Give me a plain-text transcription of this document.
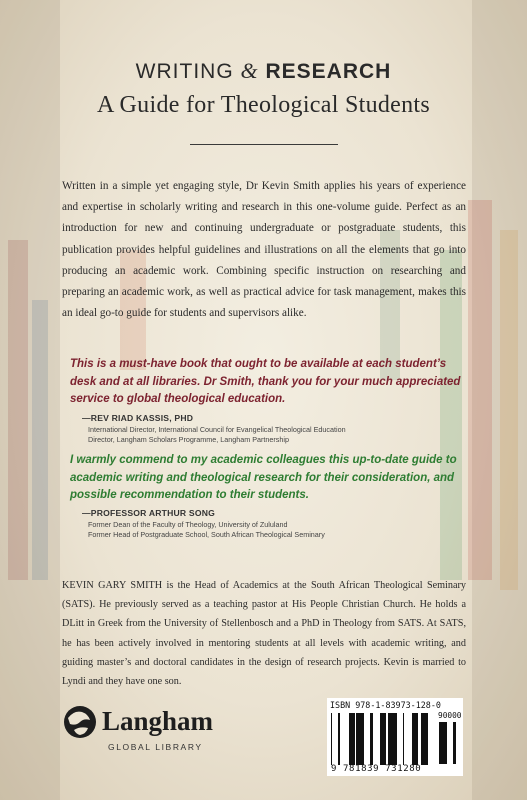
WRITING & RESEARCH
A Guide for Theological Students
Written in a simple yet engaging style, Dr Kevin Smith applies his years of experience and expertise in scholarly writing and research in this one-volume guide. Perfect as an introduction for new and continuing undergraduate or postgraduate students, this publication provides helpful guidelines and illustrations on all the elements that go into producing an academic work. Combining specific instruction on researching and preparing an academic work, as well as practical advice for task management, makes this an ideal go-to guide for students and supervisors alike.
This is a must-have book that ought to be available at each student’s desk and at all libraries. Dr Smith, thank you for your much appreciated service to global theological education.
—REV RIAD KASSIS, PHD
International Director, International Council for Evangelical Theological Education
Director, Langham Scholars Programme, Langham Partnership
I warmly commend to my academic colleagues this up-to-date guide to academic writing and theological research for their consideration, and possible recommendation to their students.
—PROFESSOR ARTHUR SONG
Former Dean of the Faculty of Theology, University of Zululand
Former Head of Postgraduate School, South African Theological Seminary
KEVIN GARY SMITH is the Head of Academics at the South African Theological Seminary (SATS). He previously served as a teaching pastor at His People Christian Church. He holds a DLitt in Greek from the University of Stellenbosch and a PhD in Theology from SATS. At SATS, he has been actively involved in mentoring students at all levels with academic writing, and guiding master’s and doctoral candidates in the design of research projects. Kevin is married to Lyndi and they have one son.
Langham
GLOBAL LIBRARY
ISBN 978-1-83973-128-0
9 781839 731280
90000
